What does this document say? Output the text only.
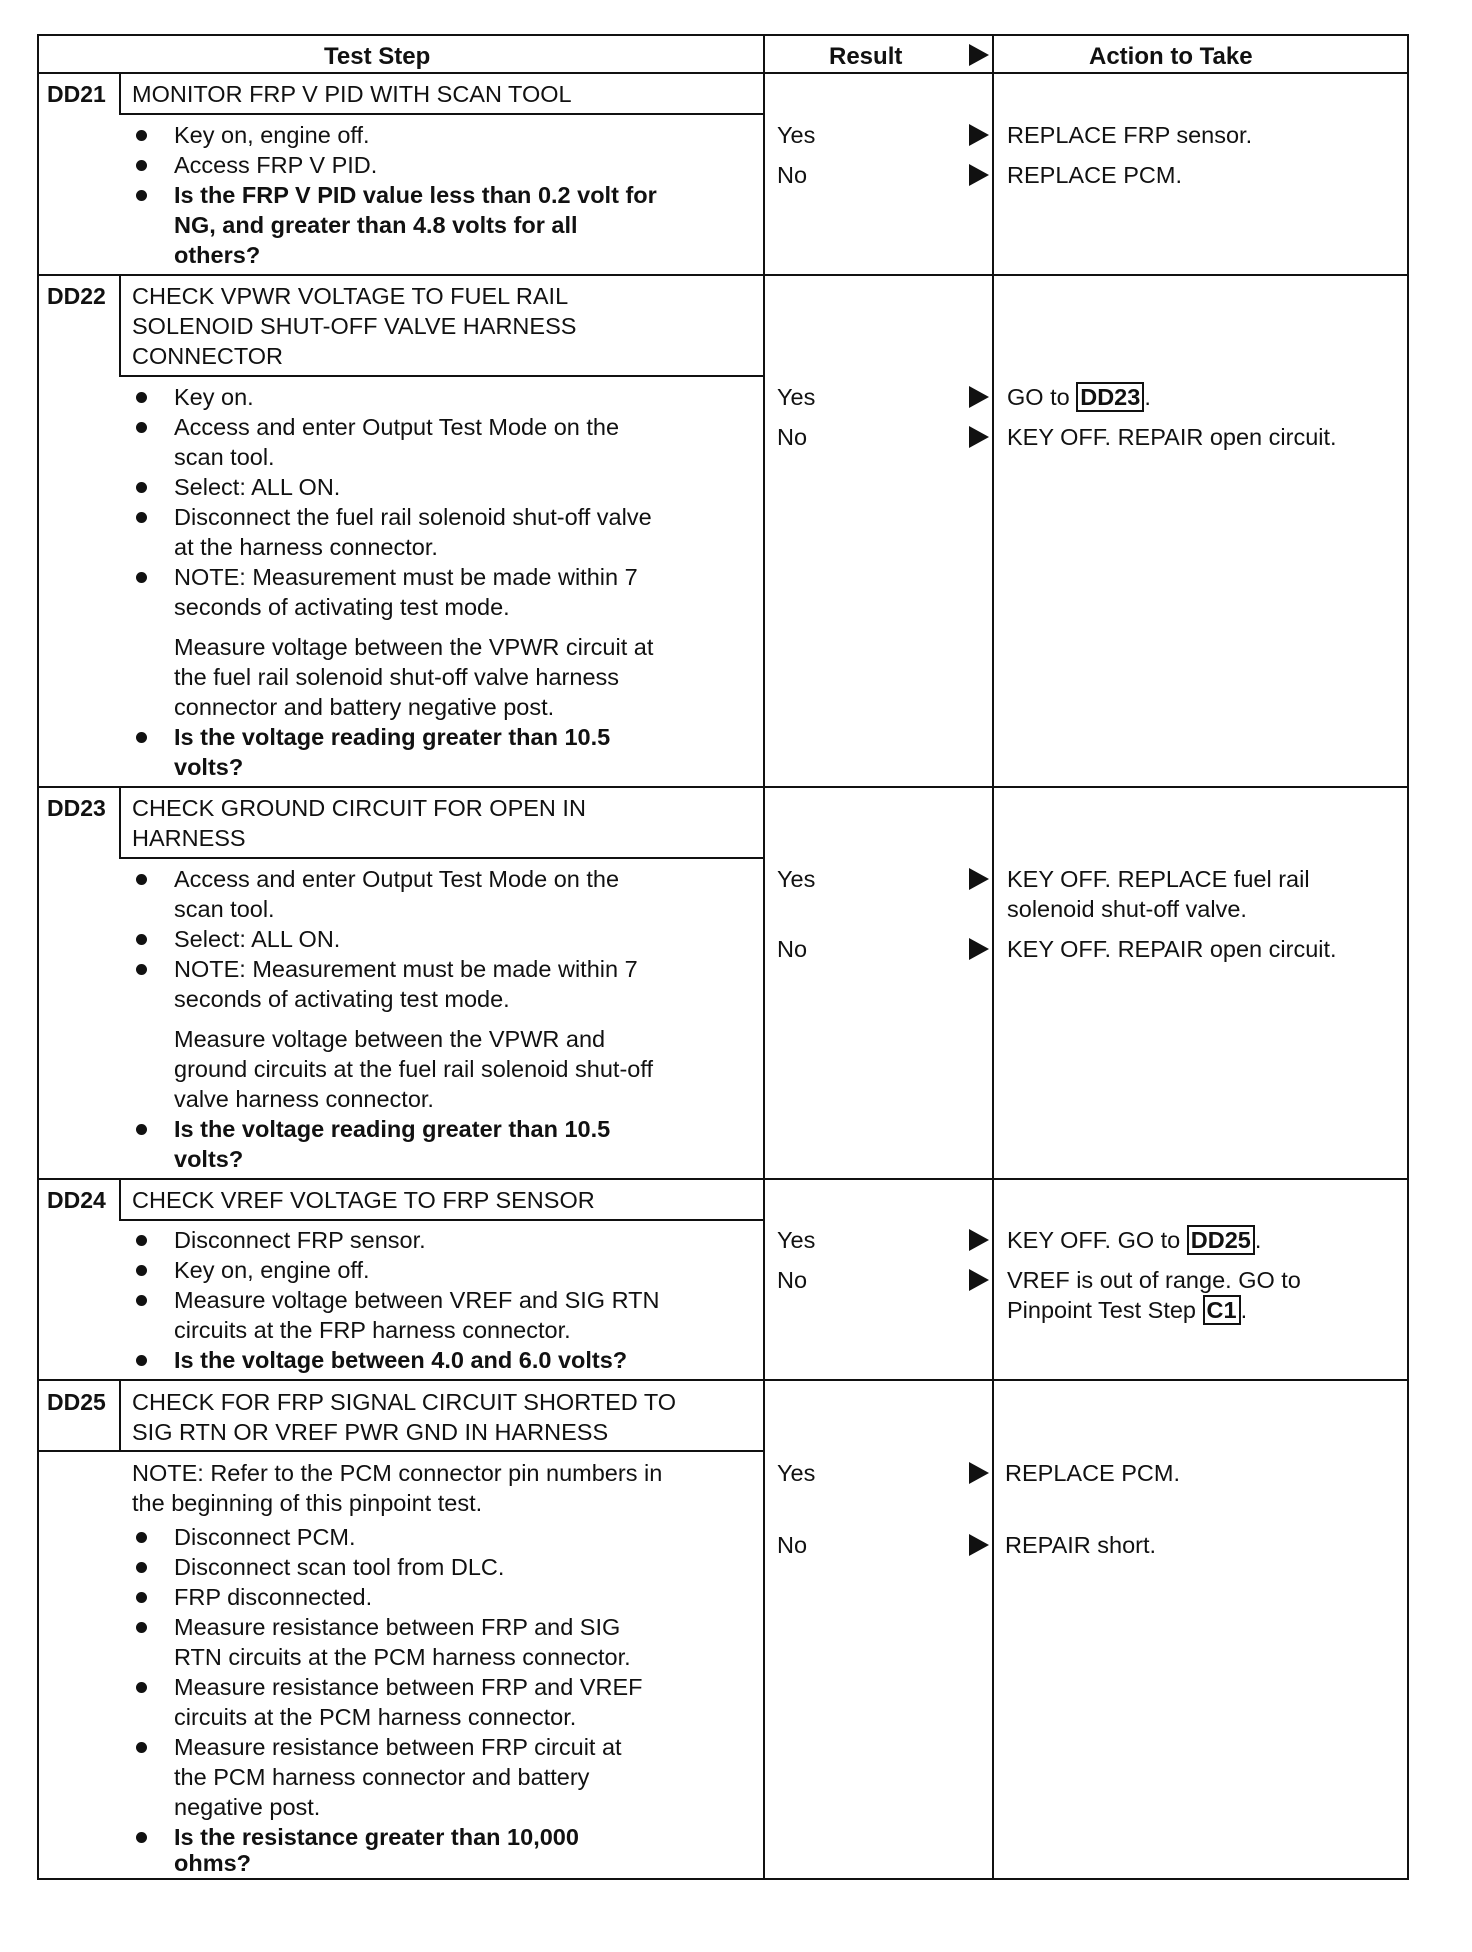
Test Step	Result	Action to Take
DD21 MONITOR FRP V PID WITH SCAN TOOL
Key on, engine off.
Access FRP V PID.
Is the FRP V PID value less than 0.2 volt for
NG, and greater than 4.8 volts for all
others?
Yes	REPLACE FRP sensor.
No	REPLACE PCM.
DD22 CHECK VPWR VOLTAGE TO FUEL RAIL
SOLENOID SHUT-OFF VALVE HARNESS
CONNECTOR
Key on.
Access and enter Output Test Mode on the
scan tool.
Select: ALL ON.
Disconnect the fuel rail solenoid shut-off valve
at the harness connector.
NOTE: Measurement must be made within 7
seconds of activating test mode.
Measure voltage between the VPWR circuit at
the fuel rail solenoid shut-off valve harness
connector and battery negative post.
Is the voltage reading greater than 10.5
volts?
Yes	GO to DD23 .
No	KEY OFF. REPAIR open circuit.
DD23 CHECK GROUND CIRCUIT FOR OPEN IN
HARNESS
Access and enter Output Test Mode on the
scan tool.
Select: ALL ON.
NOTE: Measurement must be made within 7
seconds of activating test mode.
Measure voltage between the VPWR and
ground circuits at the fuel rail solenoid shut-off
valve harness connector.
Is the voltage reading greater than 10.5
volts?
Yes	KEY OFF. REPLACE fuel rail
solenoid shut-off valve.
No	KEY OFF. REPAIR open circuit.
DD24 CHECK VREF VOLTAGE TO FRP SENSOR
Disconnect FRP sensor.
Key on, engine off.
Measure voltage between VREF and SIG RTN
circuits at the FRP harness connector.
Is the voltage between 4.0 and 6.0 volts?
Yes	KEY OFF. GO to DD25 .
No	VREF is out of range. GO to
Pinpoint Test Step C1 .
DD25 CHECK FOR FRP SIGNAL CIRCUIT SHORTED TO
SIG RTN OR VREF PWR GND IN HARNESS
NOTE: Refer to the PCM connector pin numbers in
the beginning of this pinpoint test.
Disconnect PCM.
Disconnect scan tool from DLC.
FRP disconnected.
Measure resistance between FRP and SIG
RTN circuits at the PCM harness connector.
Measure resistance between FRP and VREF
circuits at the PCM harness connector.
Measure resistance between FRP circuit at
the PCM harness connector and battery
negative post.
Is the resistance greater than 10,000
ohms?
Yes	REPLACE PCM.
No	REPAIR short.
